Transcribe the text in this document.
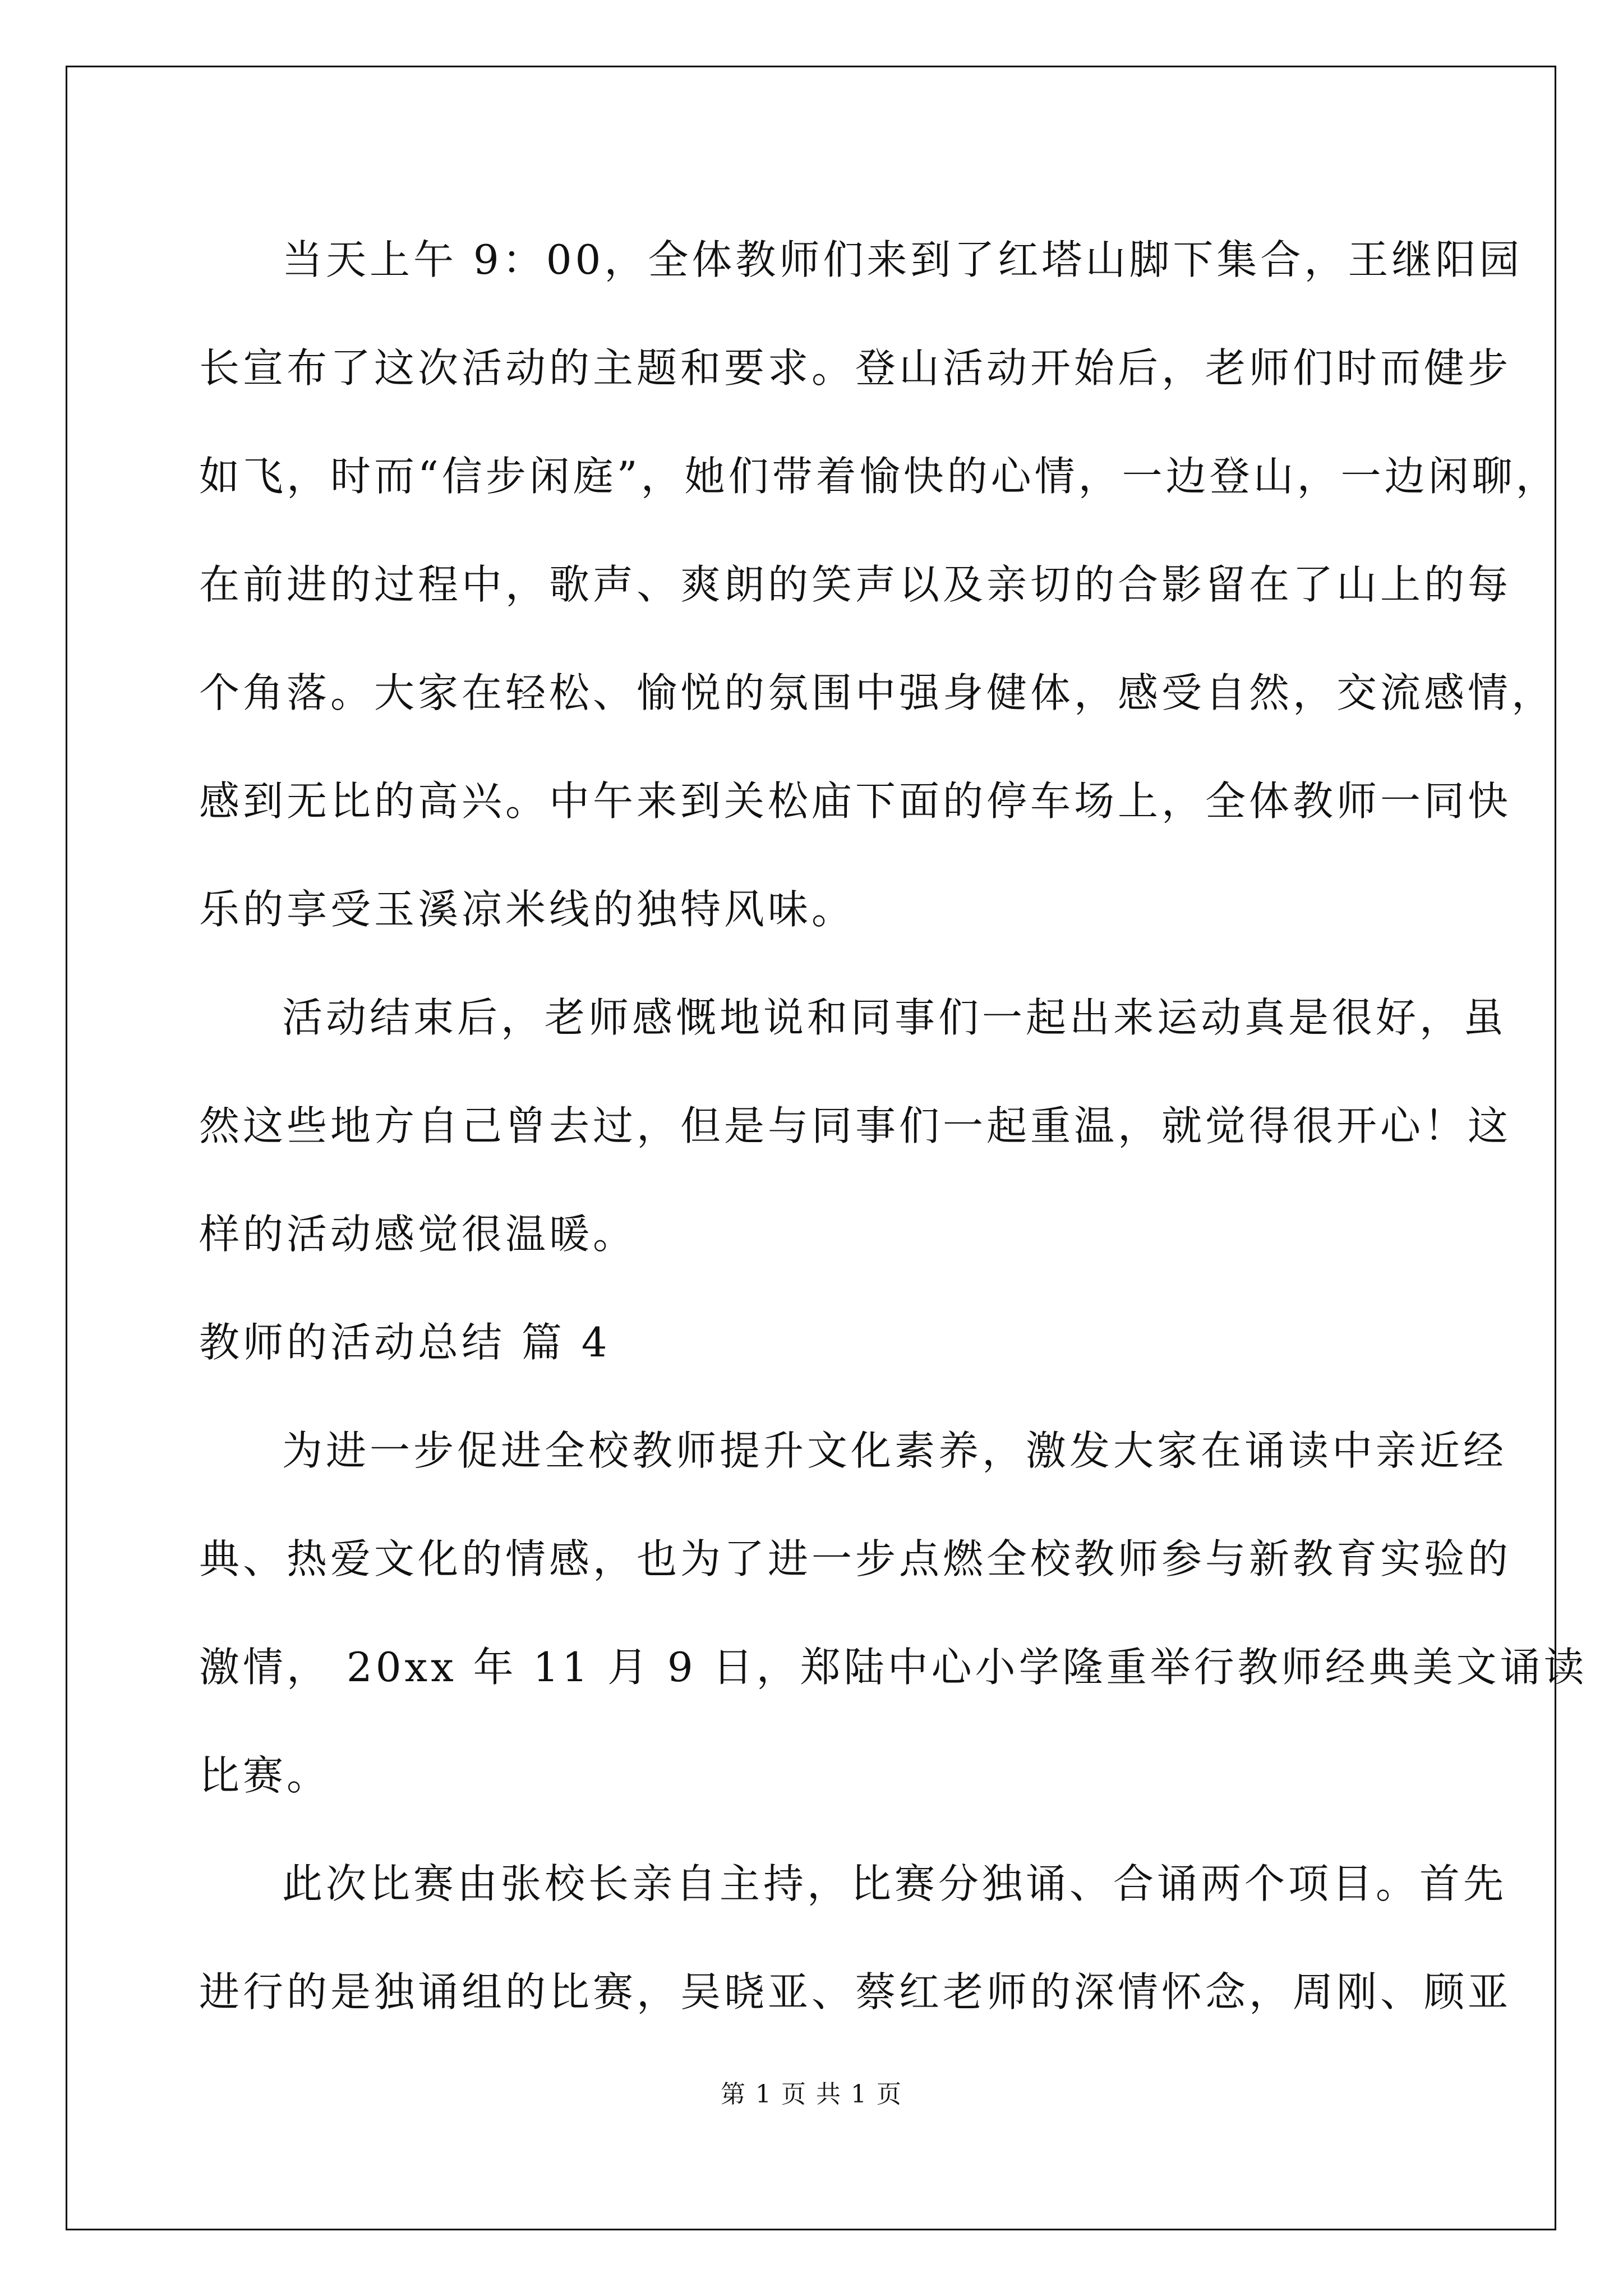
当天上午 9：00，全体教师们来到了红塔山脚下集合，王继阳园
长宣布了这次活动的主题和要求。登山活动开始后，老师们时而健步
如飞，时而“信步闲庭”，她们带着愉快的心情，一边登山，一边闲聊，
在前进的过程中，歌声、爽朗的笑声以及亲切的合影留在了山上的每
个角落。大家在轻松、愉悦的氛围中强身健体，感受自然，交流感情，
感到无比的高兴。中午来到关松庙下面的停车场上，全体教师一同快
乐的享受玉溪凉米线的独特风味。
活动结束后，老师感慨地说和同事们一起出来运动真是很好，虽
然这些地方自己曾去过，但是与同事们一起重温，就觉得很开心！这
样的活动感觉很温暖。
教师的活动总结 篇 4
为进一步促进全校教师提升文化素养，激发大家在诵读中亲近经
典、热爱文化的情感，也为了进一步点燃全校教师参与新教育实验的
激情， 20xx 年 11 月 9 日，郑陆中心小学隆重举行教师经典美文诵读
比赛。
此次比赛由张校长亲自主持，比赛分独诵、合诵两个项目。首先
进行的是独诵组的比赛，吴晓亚、蔡红老师的深情怀念，周刚、顾亚
第 1 页 共 1 页
